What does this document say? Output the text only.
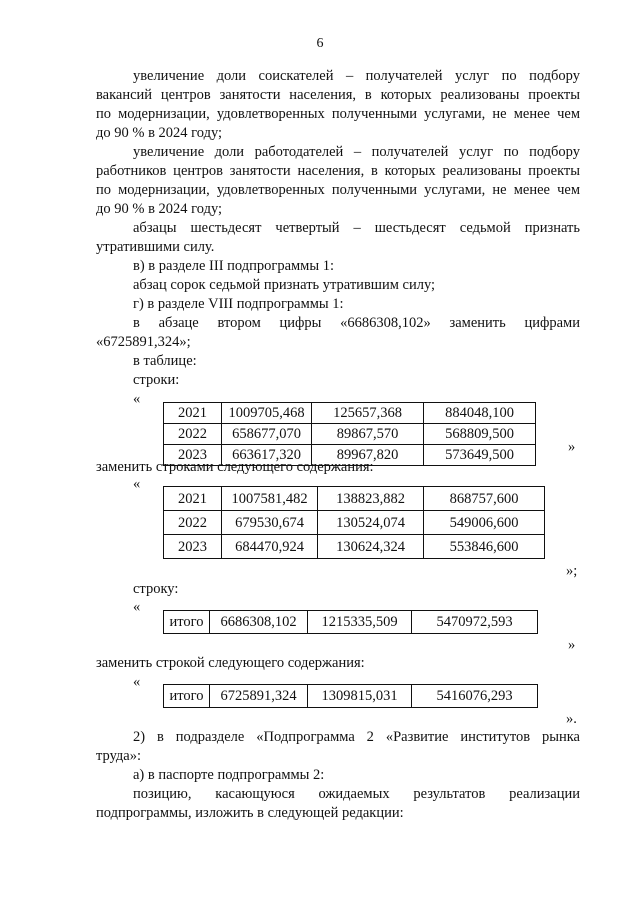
6
увеличение доли соискателей – получателей услуг по подбору
вакансий центров занятости населения, в которых реализованы проекты
по модернизации, удовлетворенных полученными услугами, не менее чем
до 90 % в 2024 году;
увеличение доли работодателей – получателей услуг по подбору
работников центров занятости населения, в которых реализованы проекты
по модернизации, удовлетворенных полученными услугами, не менее чем
до 90 % в 2024 году;
абзацы шестьдесят четвертый – шестьдесят седьмой признать
утратившими силу.
в) в разделе III подпрограммы 1:
абзац сорок седьмой признать утратившим силу;
г) в разделе VIII подпрограммы 1:
в абзаце втором цифры «6686308,102» заменить цифрами
«6725891,324»;
в таблице:
строки:
«
2021	1009705,468	125657,368	884048,100
2022	658677,070	89867,570	568809,500
2023	663617,320	89967,820	573649,500	»
заменить строками следующего содержания:
«
2021	1007581,482	138823,882	868757,600
2022	679530,674	130524,074	549006,600
2023	684470,924	130624,324	553846,600
»;
строку:
«
итого	6686308,102	1215335,509	5470972,593
»
заменить строкой следующего содержания:
«
итого	6725891,324	1309815,031	5416076,293
».
2) в подразделе «Подпрограмма 2 «Развитие институтов рынка
труда»:
а) в паспорте подпрограммы 2:
позицию, касающуюся ожидаемых результатов реализации
подпрограммы, изложить в следующей редакции:
